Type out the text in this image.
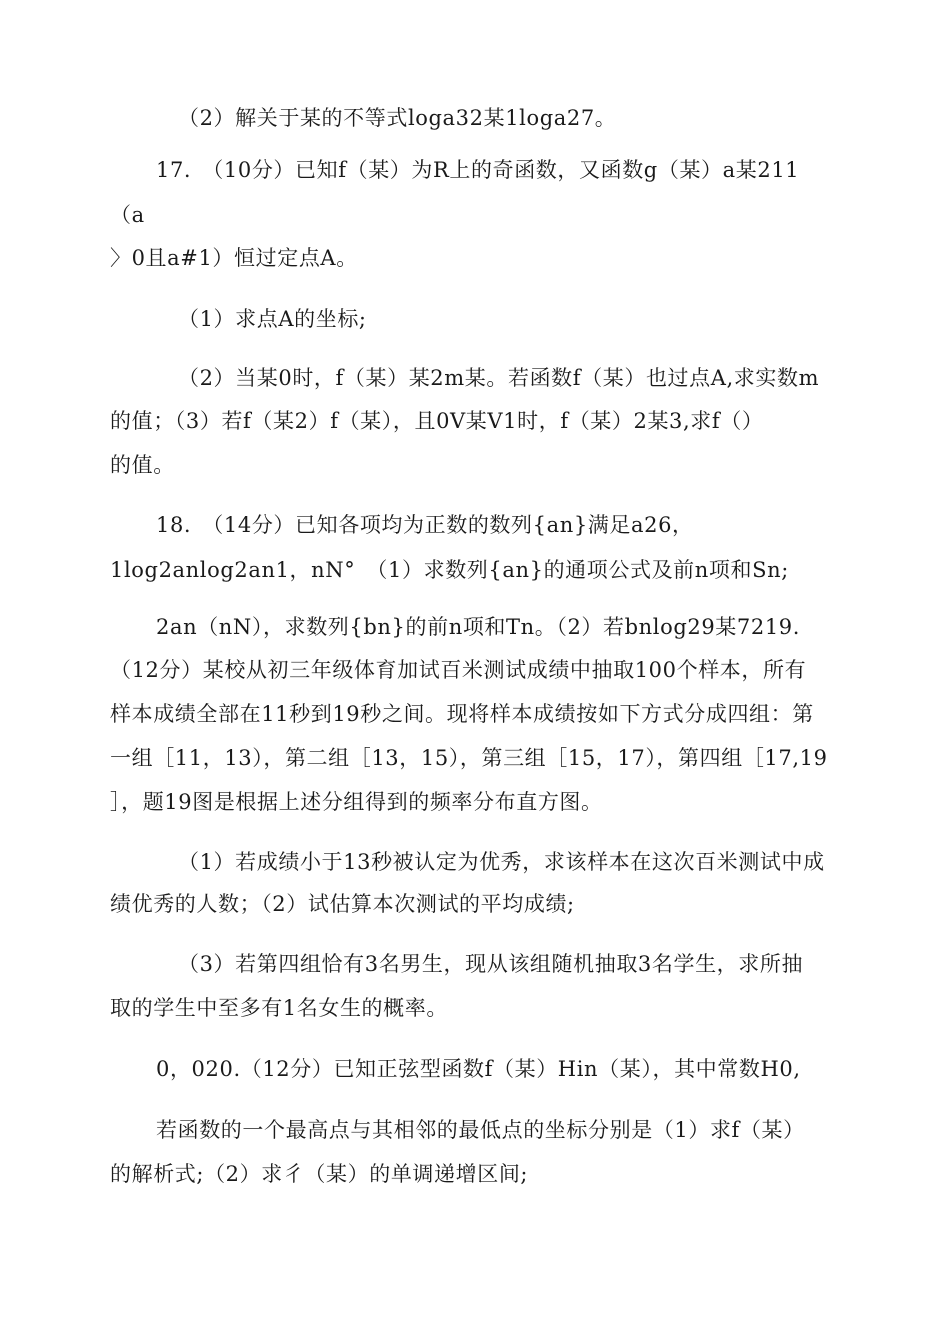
（2）解关于某的不等式loga32某1loga27。
17.　（10分）已知f（某）为R上的奇函数，又函数g（某）a某211
（a
〉0且a#1）恒过定点A。
（1）求点A的坐标;
（2）当某0时，f（某）某2m某。若函数f（某）也过点A,求实数m
的值；（3）若f（某2）f（某），且0V某V1时，f（某）2某3,求f（）
的值。
18.　（14分）已知各项均为正数的数列{an}满足a26，
1log2anlog2an1，nN°　（1）求数列{an}的通项公式及前n项和Sn;
2an（nN），求数列{bn}的前n项和Tn。（2）若bnlog29某7219.
（12分）某校从初三年级体育加试百米测试成绩中抽取100个样本，所有
样本成绩全部在11秒到19秒之间。现将样本成绩按如下方式分成四组：第
一组［11，13），第二组［13，15），第三组［15，17），第四组［17,19
］，题19图是根据上述分组得到的频率分布直方图。
（1）若成绩小于13秒被认定为优秀，求该样本在这次百米测试中成
绩优秀的人数；（2）试估算本次测试的平均成绩;
（3）若第四组恰有3名男生，现从该组随机抽取3名学生，求所抽
取的学生中至多有1名女生的概率。
0，020.（12分）已知正弦型函数f（某）Hin（某），其中常数H0,
若函数的一个最高点与其相邻的最低点的坐标分别是（1）求f（某）
的解析式;（2）求彳（某）的单调递增区间;
